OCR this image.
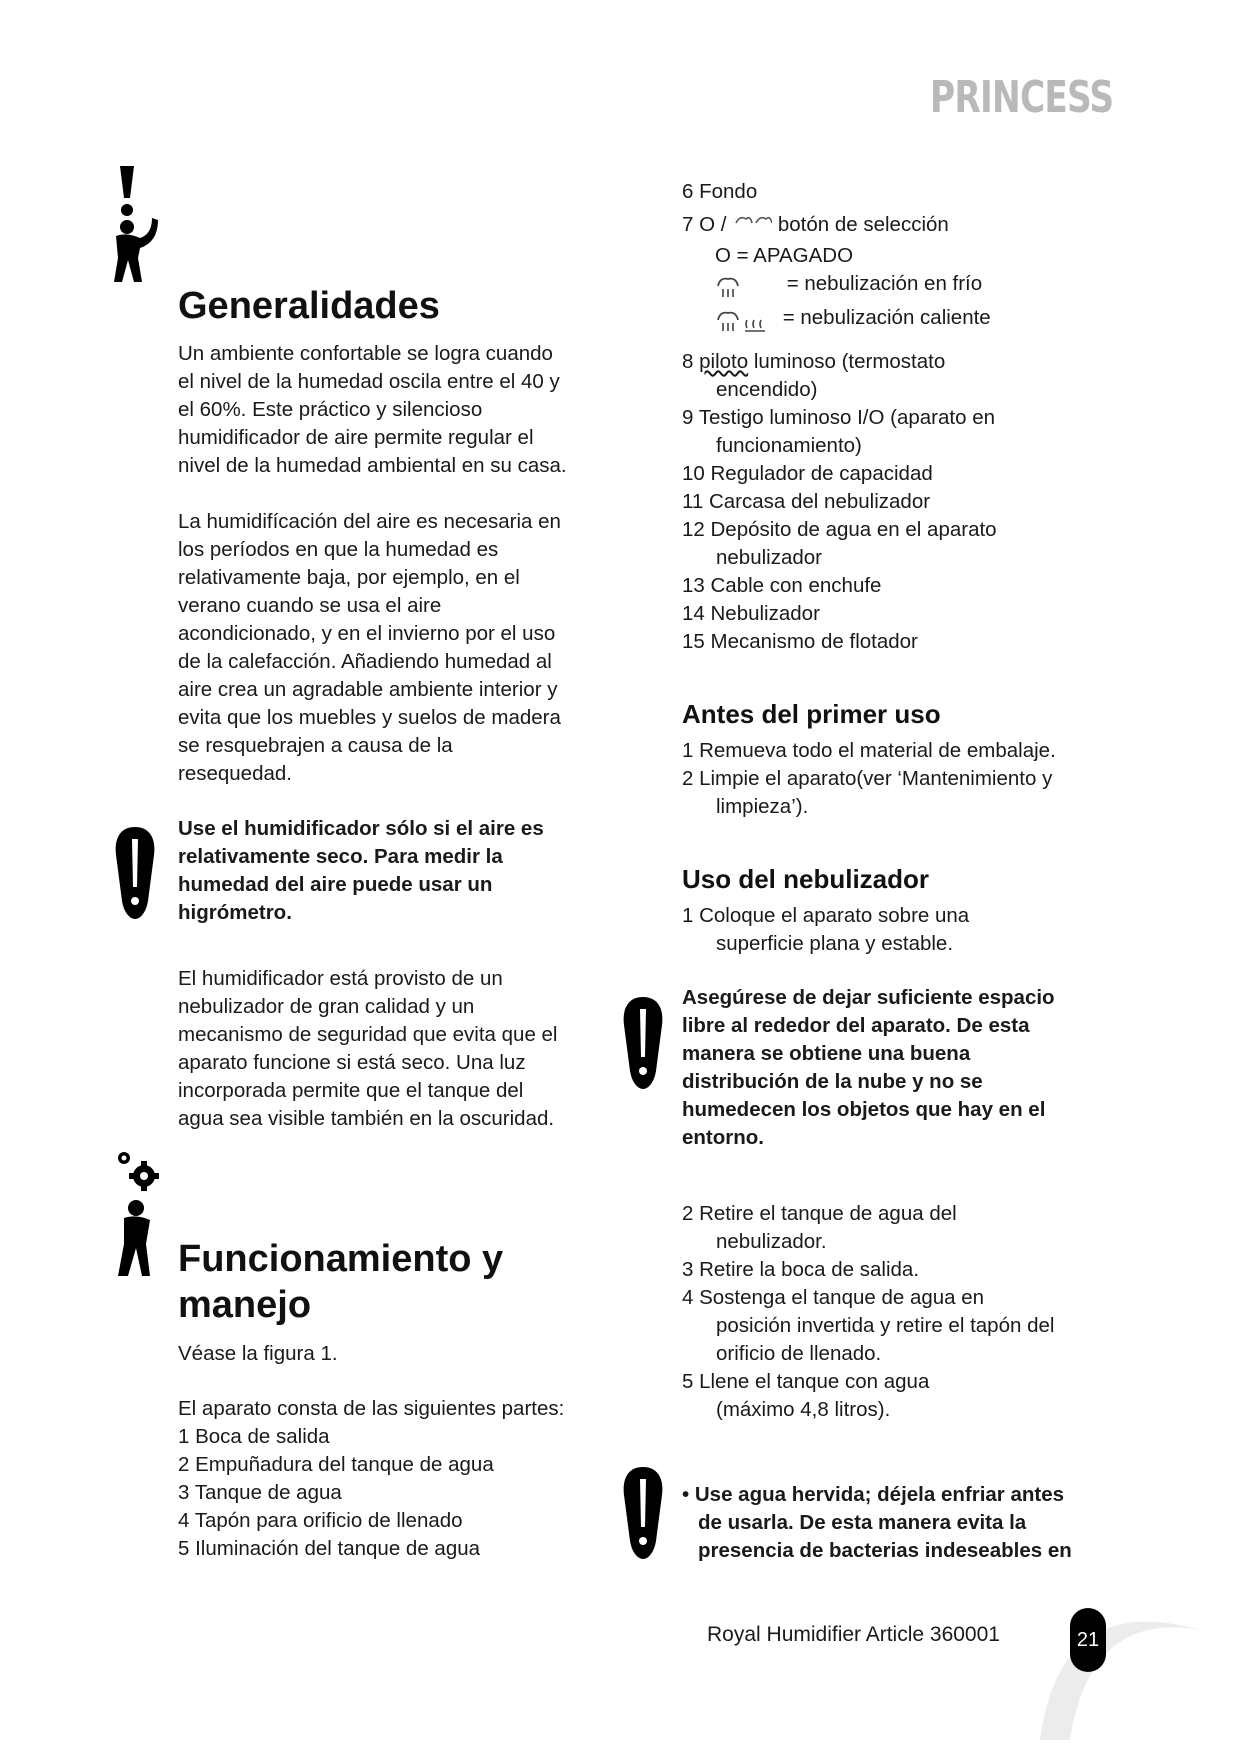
PRINCESS
Generalidades
Un ambiente confortable se logra cuando
el nivel de la humedad oscila entre el 40 y
el 60%. Este práctico y silencioso
humidificador de aire permite regular el
nivel de la humedad ambiental en su casa.
La humidifícación del aire es necesaria en
los períodos en que la humedad es
relativamente baja, por ejemplo, en el
verano cuando se usa el aire
acondicionado, y en el invierno por el uso
de la calefacción. Añadiendo humedad al
aire crea un agradable ambiente interior y
evita que los muebles y suelos de madera
se resquebrajen a causa de la
resequedad.
Use el humidificador sólo si el aire es
relativamente seco. Para medir la
humedad del aire puede usar un
higrómetro.
El humidificador está provisto de un
nebulizador de gran calidad y un
mecanismo de seguridad que evita que el
aparato funcione si está seco. Una luz
incorporada permite que el tanque del
agua sea visible también en la oscuridad.
Funcionamiento y
manejo

Véase la figura 1.

El aparato consta de las siguientes partes:
1 Boca de salida
2 Empuñadura del tanque de agua
3 Tanque de agua
4 Tapón para orificio de llenado
5 Iluminación del tanque de agua
6 Fondo
7 O /	botón de selección
O = APAGADO
= nebulización en frío
= nebulización caliente
8 piloto luminoso (termostato
encendido)
9 Testigo luminoso I/O (aparato en
funcionamiento)
10 Regulador de capacidad
11 Carcasa del nebulizador
12 Depósito de agua en el aparato
nebulizador
13 Cable con enchufe
14 Nebulizador
15 Mecanismo de flotador
Antes del primer uso
1 Remueva todo el material de embalaje.
2 Limpie el aparato(ver ‘Mantenimiento y
limpieza’).
Uso del nebulizador
1 Coloque el aparato sobre una
superficie plana y estable.
Asegúrese de dejar suficiente espacio
libre al rededor del aparato. De esta
manera se obtiene una buena
distribución de la nube y no se
humedecen los objetos que hay en el
entorno.
2 Retire el tanque de agua del
nebulizador.
3 Retire la boca de salida.
4 Sostenga el tanque de agua en
posición invertida y retire el tapón del
orificio de llenado.
5 Llene el tanque con agua
(máximo 4,8 litros).
• Use agua hervida; déjela enfriar antes
de usarla. De esta manera evita la
presencia de bacterias indeseables en
Royal Humidifier Article 360001	21
